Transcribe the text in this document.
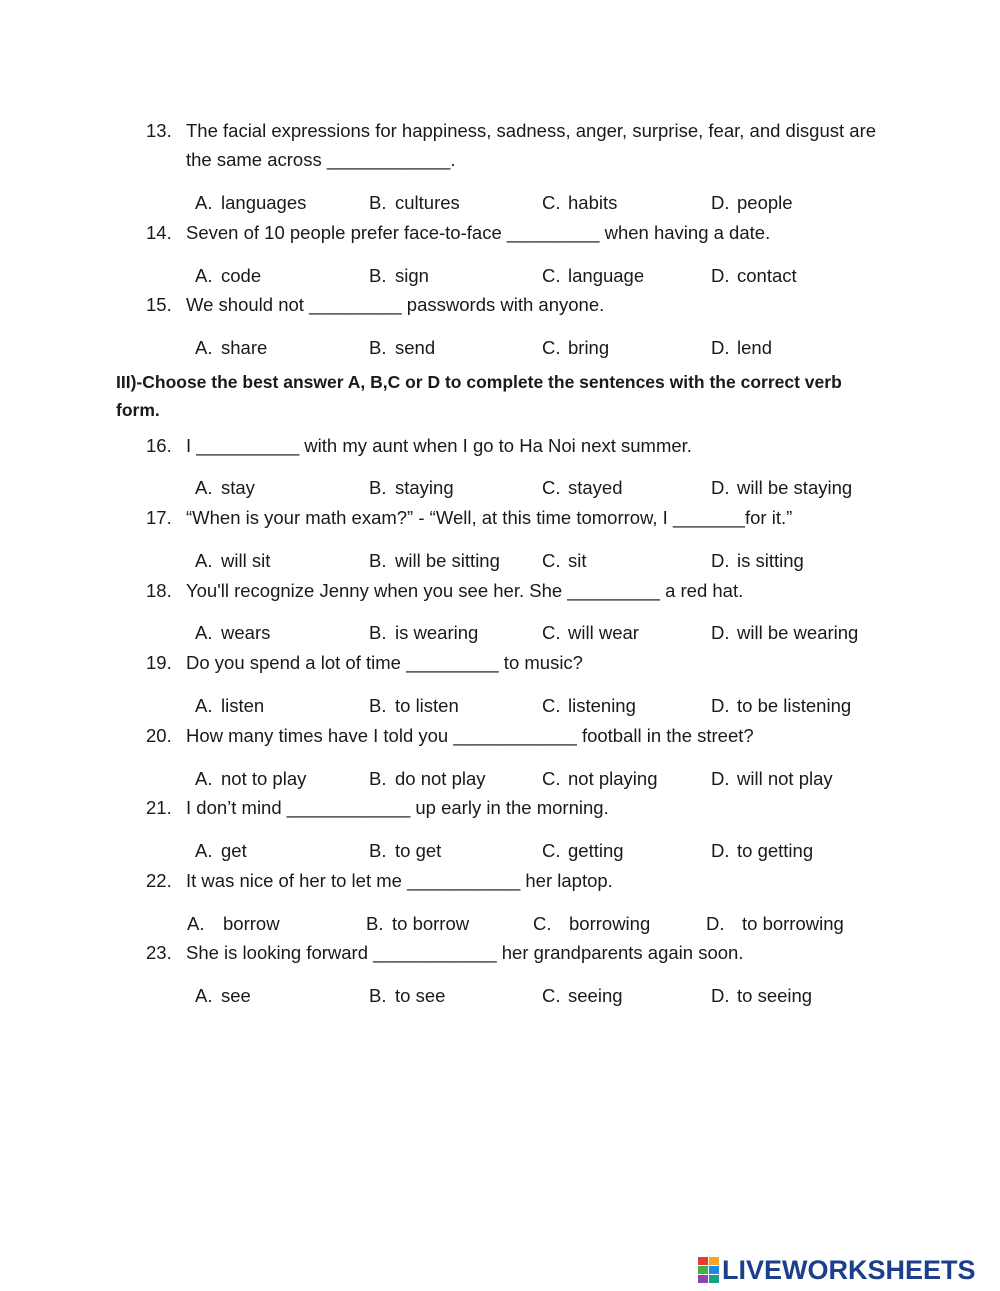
13. The facial expressions for happiness, sadness, anger, surprise, fear, and disgust are the same across ____________.
A. languages	B. cultures	C. habits	D. people
14. Seven of 10 people prefer face-to-face _________ when having a date.
A. code	B. sign	C. language	D. contact
15. We should not _________ passwords with anyone.
A. share	B. send	C. bring	D. lend
III)-Choose the best answer A, B,C or D to complete the sentences with the correct verb form.
16. I __________ with my aunt when I go to Ha Noi next summer.
A. stay	B. staying	C. stayed	D. will be staying
17. “When is your math exam?” - “Well, at this time tomorrow, I _______for it.”
A. will sit	B. will be sitting C. sit	D. is sitting
18. You'll recognize Jenny when you see her. She _________ a red hat.
A. wears	B. is wearing	C. will wear	D. will be wearing
19. Do you spend a lot of time _________ to music?
A. listen	B. to listen	C. listening	D. to be listening
20. How many times have I told you ____________ football in the street?
A. not to play	B. do not play	C. not playing	D. will not play
21. I don’t mind ____________ up early in the morning.
A. get	B. to get	C. getting	D. to getting
22. It was nice of her to let me ___________ her laptop.
A. borrow	B. to borrow	C. borrowing	D. to borrowing
23. She is looking forward ____________ her grandparents again soon.
A. see	B. to see	C. seeing	D. to seeing
LIVEWORKSHEETS
